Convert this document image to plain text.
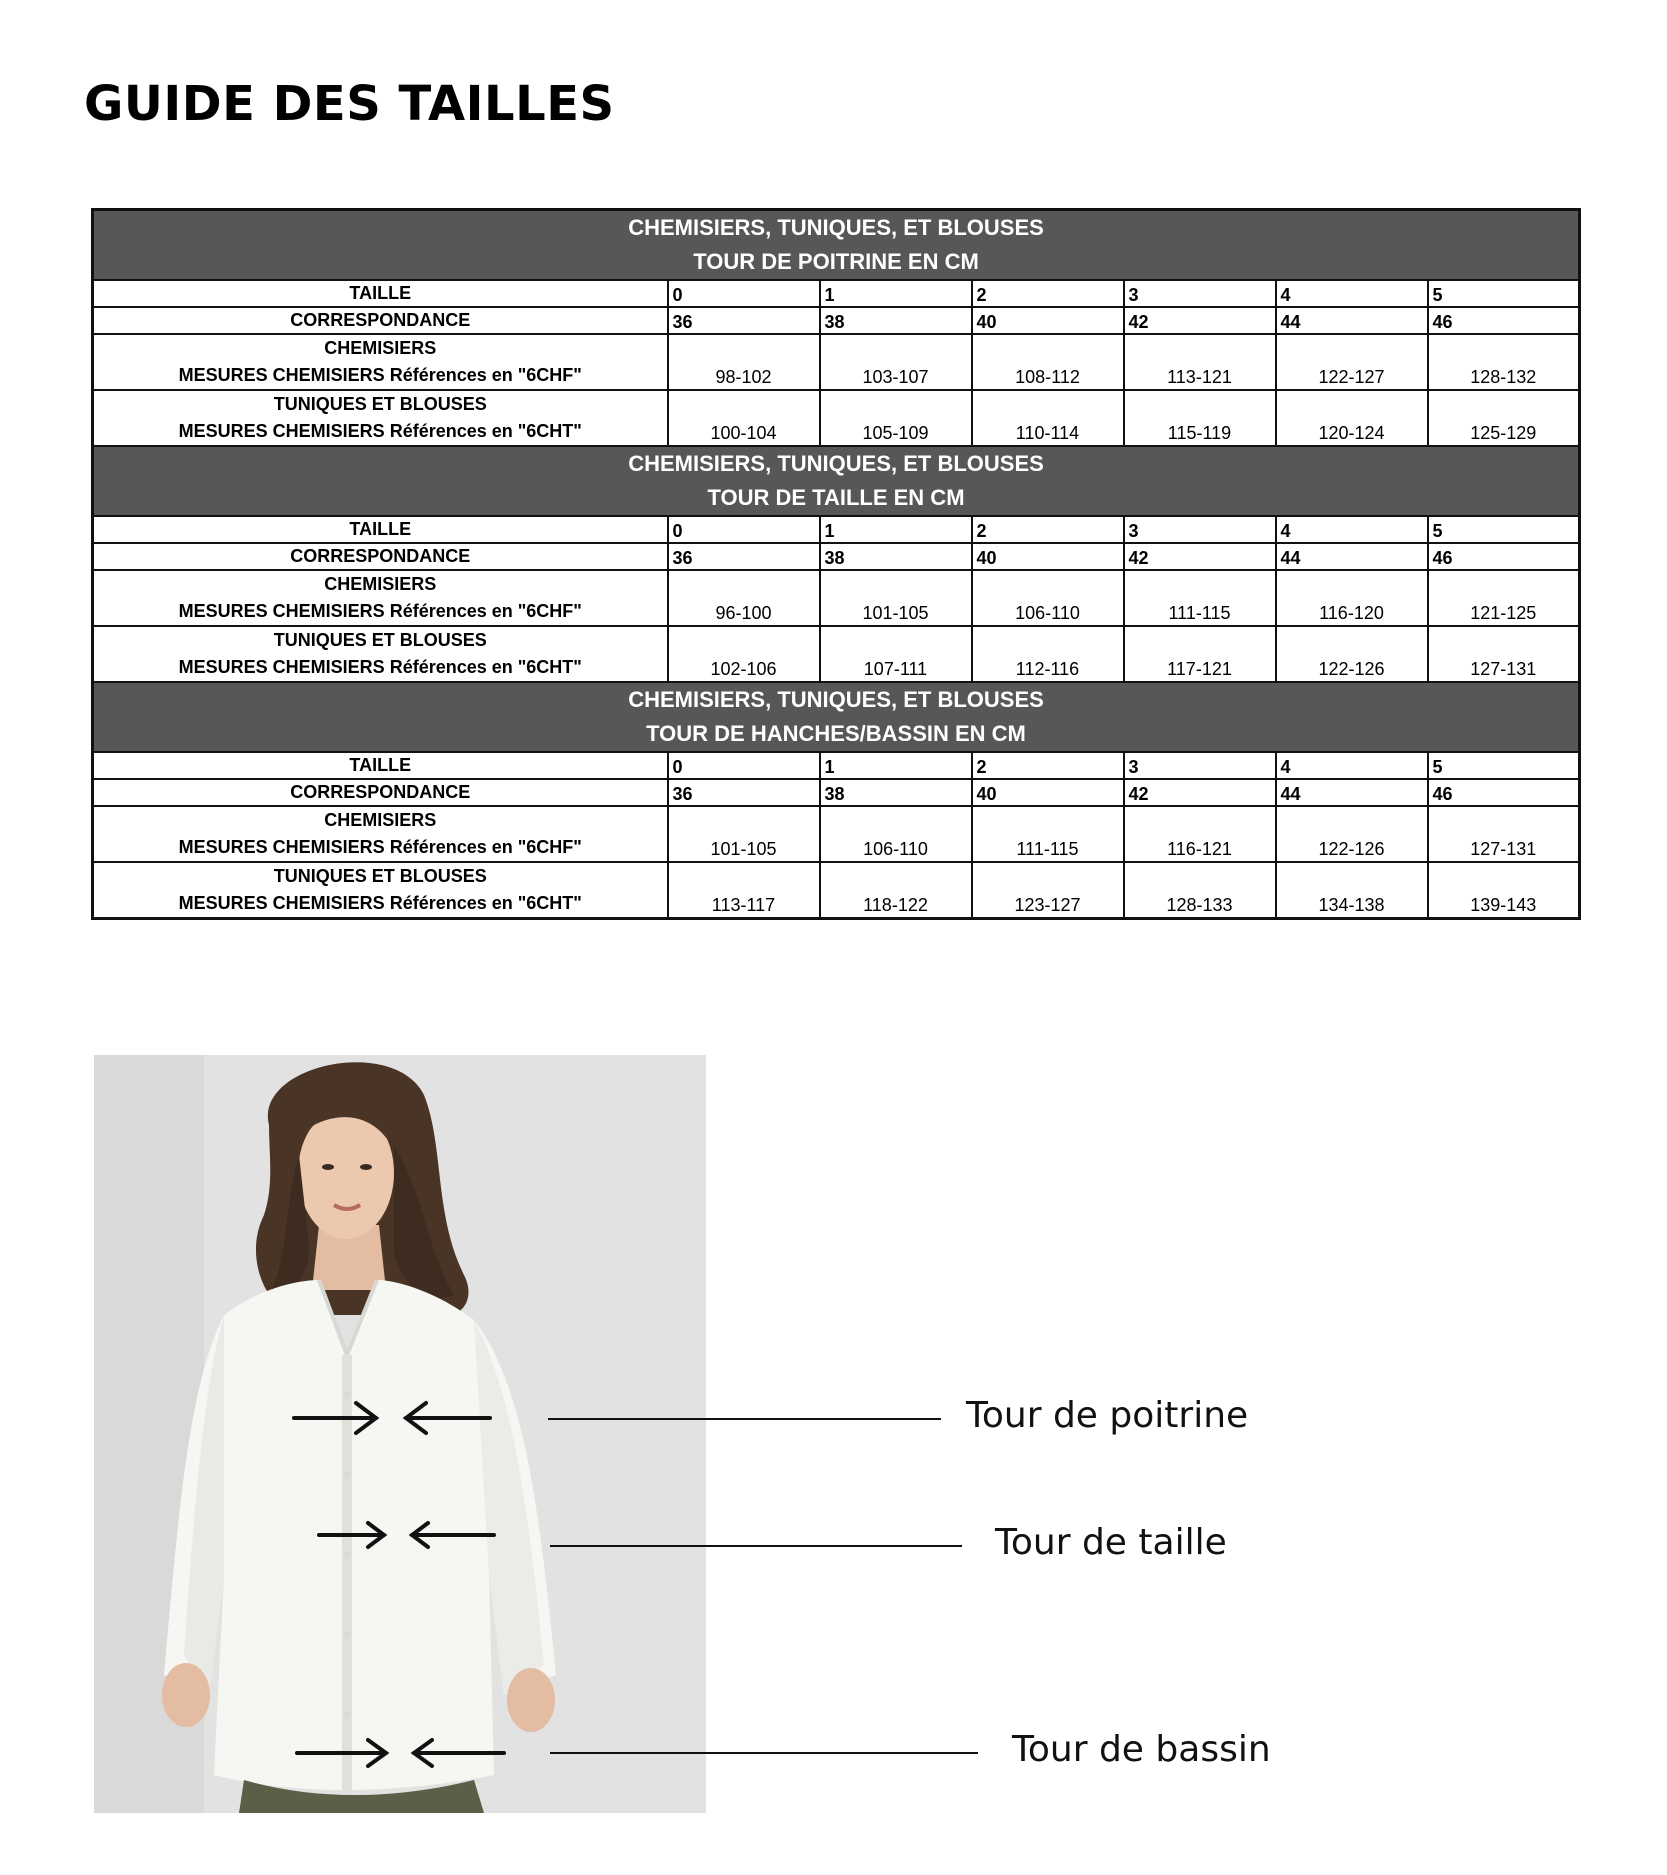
GUIDE DES TAILLES
CHEMISIERS, TUNIQUES, ET BLOUSES
TOUR DE POITRINE EN CM						

TAILLE	0	1	2	3	4	5
CORRESPONDANCE	36	38	40	42	44	46

CHEMISIERS
MESURES CHEMISIERS Références en "6CHF"	98-102	103-107	108-112	113-121	122-127	128-132

TUNIQUES ET BLOUSES
MESURES CHEMISIERS Références en "6CHT"	100-104	105-109	110-114	115-119	120-124	125-129

CHEMISIERS, TUNIQUES, ET BLOUSES
TOUR DE TAILLE EN CM						

TAILLE	0	1	2	3	4	5
CORRESPONDANCE	36	38	40	42	44	46

CHEMISIERS
MESURES CHEMISIERS Références en "6CHF"	96-100	101-105	106-110	111-115	116-120	121-125

TUNIQUES ET BLOUSES
MESURES CHEMISIERS Références en "6CHT"	102-106	107-111	112-116	117-121	122-126	127-131

CHEMISIERS, TUNIQUES, ET BLOUSES
TOUR DE HANCHES/BASSIN EN CM						

TAILLE	0	1	2	3	4	5
CORRESPONDANCE	36	38	40	42	44	46

CHEMISIERS
MESURES CHEMISIERS Références en "6CHF"	101-105	106-110	111-115	116-121	122-126	127-131

TUNIQUES ET BLOUSES
MESURES CHEMISIERS Références en "6CHT"	113-117	118-122	123-127	128-133	134-138	139-143
Tour de poitrine
Tour de taille
Tour de bassin
